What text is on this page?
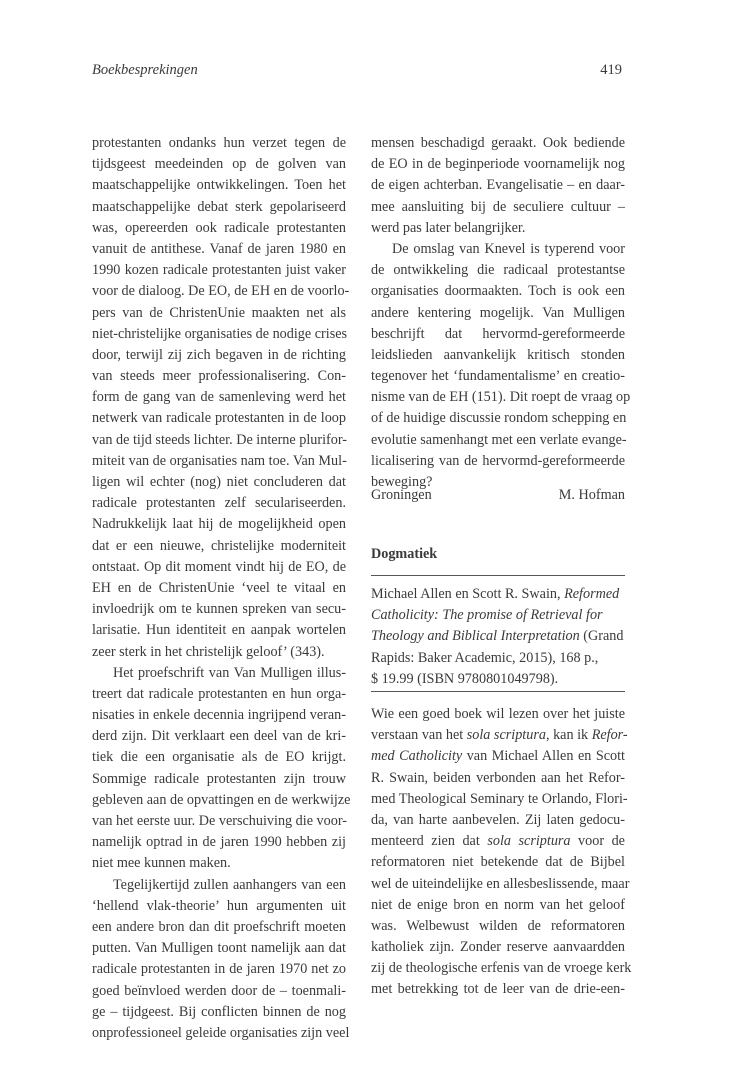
Boekbesprekingen	419
protestanten ondanks hun verzet tegen de
tijdsgeest meedeinden op de golven van
maatschappelijke ontwikkelingen. Toen het
maatschappelijke debat sterk gepolariseerd
was, opereerden ook radicale protestanten
vanuit de antithese. Vanaf de jaren 1980 en
1990 kozen radicale protestanten juist vaker
voor de dialoog. De EO, de EH en de voorlo-
pers van de ChristenUnie maakten net als
niet-christelijke organisaties de nodige crises
door, terwijl zij zich begaven in de richting
van steeds meer professionalisering. Con-
form de gang van de samenleving werd het
netwerk van radicale protestanten in de loop
van de tijd steeds lichter. De interne plurifor-
miteit van de organisaties nam toe. Van Mul-
ligen wil echter (nog) niet concluderen dat
radicale protestanten zelf seculariseerden.
Nadrukkelijk laat hij de mogelijkheid open
dat er een nieuwe, christelijke moderniteit
ontstaat. Op dit moment vindt hij de EO, de
EH en de ChristenUnie ‘veel te vitaal en
invloedrijk om te kunnen spreken van secu-
larisatie. Hun identiteit en aanpak wortelen
zeer sterk in het christelijk geloof’ (343).
Het proefschrift van Van Mulligen illus-
treert dat radicale protestanten en hun orga-
nisaties in enkele decennia ingrijpend veran-
derd zijn. Dit verklaart een deel van de kri-
tiek die een organisatie als de EO krijgt.
Sommige radicale protestanten zijn trouw
gebleven aan de opvattingen en de werkwijze
van het eerste uur. De verschuiving die voor-
namelijk optrad in de jaren 1990 hebben zij
niet mee kunnen maken.
Tegelijkertijd zullen aanhangers van een
‘hellend vlak-theorie’ hun argumenten uit
een andere bron dan dit proefschrift moeten
putten. Van Mulligen toont namelijk aan dat
radicale protestanten in de jaren 1970 net zo
goed beïnvloed werden door de – toenmali-
ge – tijdgeest. Bij conflicten binnen de nog
onprofessioneel geleide organisaties zijn veel
mensen beschadigd geraakt. Ook bediende
de EO in de beginperiode voornamelijk nog
de eigen achterban. Evangelisatie – en daar-
mee aansluiting bij de seculiere cultuur –
werd pas later belangrijker.
De omslag van Knevel is typerend voor
de ontwikkeling die radicaal protestantse
organisaties doormaakten. Toch is ook een
andere kentering mogelijk. Van Mulligen
beschrijft dat hervormd-gereformeerde
leidslieden aanvankelijk kritisch stonden
tegenover het ‘fundamentalisme’ en creatio-
nisme van de EH (151). Dit roept de vraag op
of de huidige discussie rondom schepping en
evolutie samenhangt met een verlate evange-
licalisering van de hervormd-gereformeerde
beweging?
Groningen	M. Hofman
Dogmatiek
Michael Allen en Scott R. Swain, Reformed
Catholicity: The promise of Retrieval for
Theology and Biblical Interpretation (Grand
Rapids: Baker Academic, 2015), 168 p.,
$ 19.99 (ISBN 9780801049798).
Wie een goed boek wil lezen over het juiste
verstaan van het sola scriptura, kan ik Refor-
med Catholicity van Michael Allen en Scott
R. Swain, beiden verbonden aan het Refor-
med Theological Seminary te Orlando, Flori-
da, van harte aanbevelen. Zij laten gedocu-
menteerd zien dat sola scriptura voor de
reformatoren niet betekende dat de Bijbel
wel de uiteindelijke en allesbeslissende, maar
niet de enige bron en norm van het geloof
was. Welbewust wilden de reformatoren
katholiek zijn. Zonder reserve aanvaardden
zij de theologische erfenis van de vroege kerk
met betrekking tot de leer van de drie-een-
